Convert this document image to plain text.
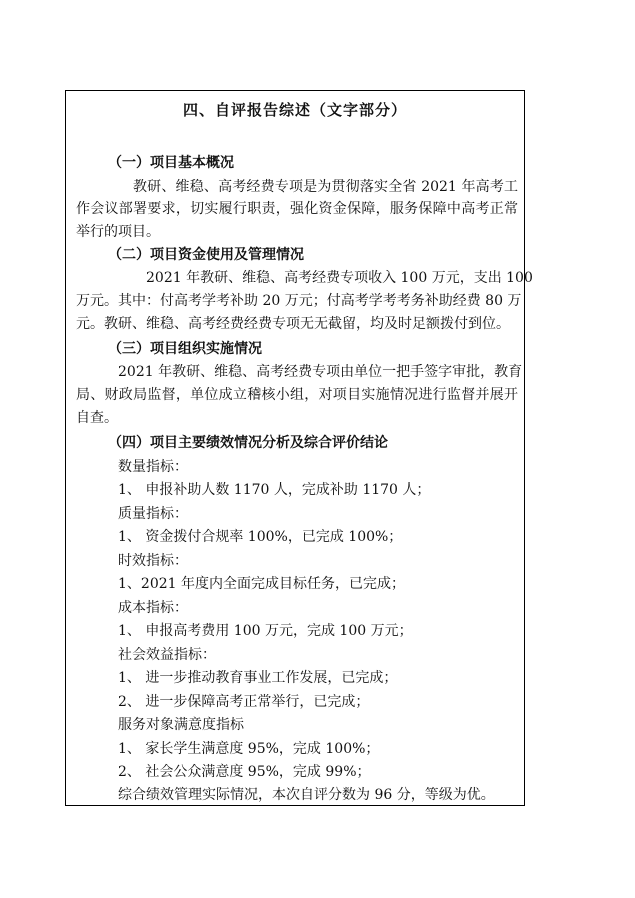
四、自评报告综述（文字部分）
（一）项目基本概况
教研、维稳、高考经费专项是为贯彻落实全省 2021 年高考工
作会议部署要求，切实履行职责，强化资金保障，服务保障中高考正常
举行的项目。
（二）项目资金使用及管理情况
2021 年教研、维稳、高考经费专项收入 100 万元，支出 100
万元。其中：付高考学考补助 20 万元；付高考学考考务补助经费 80 万
元。教研、维稳、高考经费经费专项无无截留，均及时足额拨付到位。
（三）项目组织实施情况
2021 年教研、维稳、高考经费专项由单位一把手签字审批，教育
局、财政局监督，单位成立稽核小组，对项目实施情况进行监督并展开
自查。
（四）项目主要绩效情况分析及综合评价结论
数量指标：
1、 申报补助人数 1170 人，完成补助 1170 人；
质量指标：
1、 资金拨付合规率 100%，已完成 100%；
时效指标：
1、2021 年度内全面完成目标任务，已完成；
成本指标：
1、 申报高考费用 100 万元，完成 100 万元；
社会效益指标：
1、 进一步推动教育事业工作发展，已完成；
2、 进一步保障高考正常举行，已完成；
服务对象满意度指标
1、 家长学生满意度 95%，完成 100%；
2、 社会公众满意度 95%，完成 99%；
综合绩效管理实际情况，本次自评分数为 96 分，等级为优。
